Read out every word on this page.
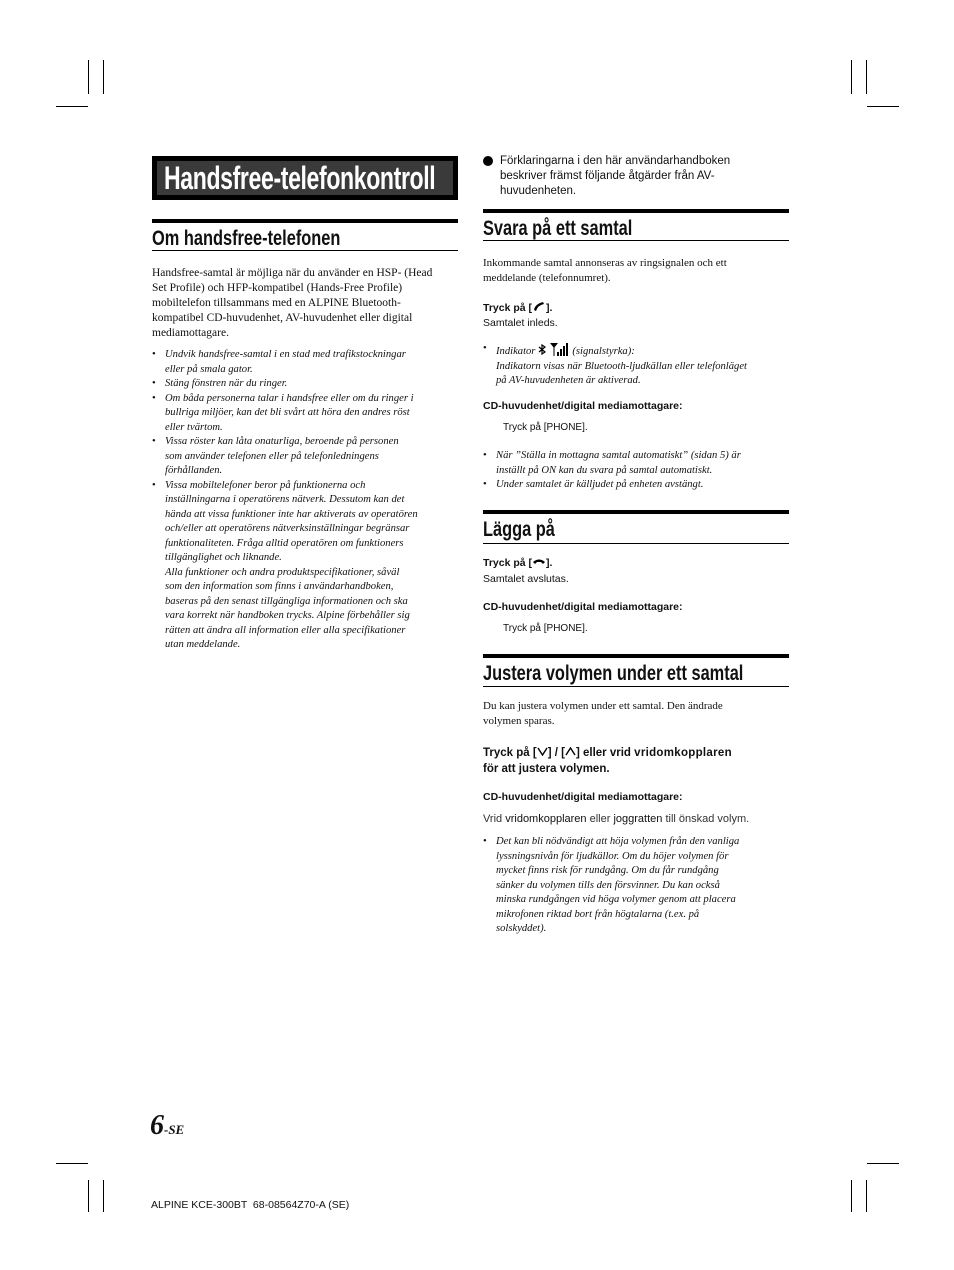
Handsfree-telefonkontroll
Om handsfree-telefonen
Handsfree-samtal är möjliga när du använder en HSP- (Head
Set Profile) och HFP-kompatibel (Hands-Free Profile)
mobiltelefon tillsammans med en ALPINE Bluetooth-
kompatibel CD-huvudenhet, AV-huvudenhet eller digital
mediamottagare.
• Undvik handsfree-samtal i en stad med trafikstockningar
eller på smala gator.
• Stäng fönstren när du ringer.
• Om båda personerna talar i handsfree eller om du ringer i
bullriga miljöer, kan det bli svårt att höra den andres röst
eller tvärtom.
• Vissa röster kan låta onaturliga, beroende på personen
som använder telefonen eller på telefonledningens
förhållanden.
• Vissa mobiltelefoner beror på funktionerna och
inställningarna i operatörens nätverk. Dessutom kan det
hända att vissa funktioner inte har aktiverats av operatören
och/eller att operatörens nätverksinställningar begränsar
funktionaliteten. Fråga alltid operatören om funktioners
tillgänglighet och liknande.
Alla funktioner och andra produktspecifikationer, såväl
som den information som finns i användarhandboken,
baseras på den senast tillgängliga informationen och ska
vara korrekt när handboken trycks. Alpine förbehåller sig
rätten att ändra all information eller alla specifikationer
utan meddelande.
Förklaringarna i den här användarhandboken
beskriver främst följande åtgärder från AV-
huvudenheten.
Svara på ett samtal
Inkommande samtal annonseras av ringsignalen och ett
meddelande (telefonnumret).
Tryck på [ ].
Samtalet inleds.
• Indikator	(signalstyrka):
Indikatorn visas när Bluetooth-ljudkällan eller telefonläget
på AV-huvudenheten är aktiverad.
CD-huvudenhet/digital mediamottagare:
Tryck på [PHONE].
• När ”Ställa in mottagna samtal automatiskt” (sidan 5) är
inställt på ON kan du svara på samtal automatiskt.
• Under samtalet är källjudet på enheten avstängt.
Lägga på
Tryck på [ ].
Samtalet avslutas.
CD-huvudenhet/digital mediamottagare:
Tryck på [PHONE].
Justera volymen under ett samtal
Du kan justera volymen under ett samtal. Den ändrade
volymen sparas.
Tryck på [ ] / [ ] eller vrid vridomkopplaren
för att justera volymen.
CD-huvudenhet/digital mediamottagare:
Vrid vridomkopplaren eller joggratten till önskad volym.
• Det kan bli nödvändigt att höja volymen från den vanliga
lyssningsnivån för ljudkällor. Om du höjer volymen för
mycket finns risk för rundgång. Om du får rundgång
sänker du volymen tills den försvinner. Du kan också
minska rundgången vid höga volymer genom att placera
mikrofonen riktad bort från högtalarna (t.ex. på
solskyddet).
6-SE
ALPINE KCE-300BT  68-08564Z70-A (SE)
